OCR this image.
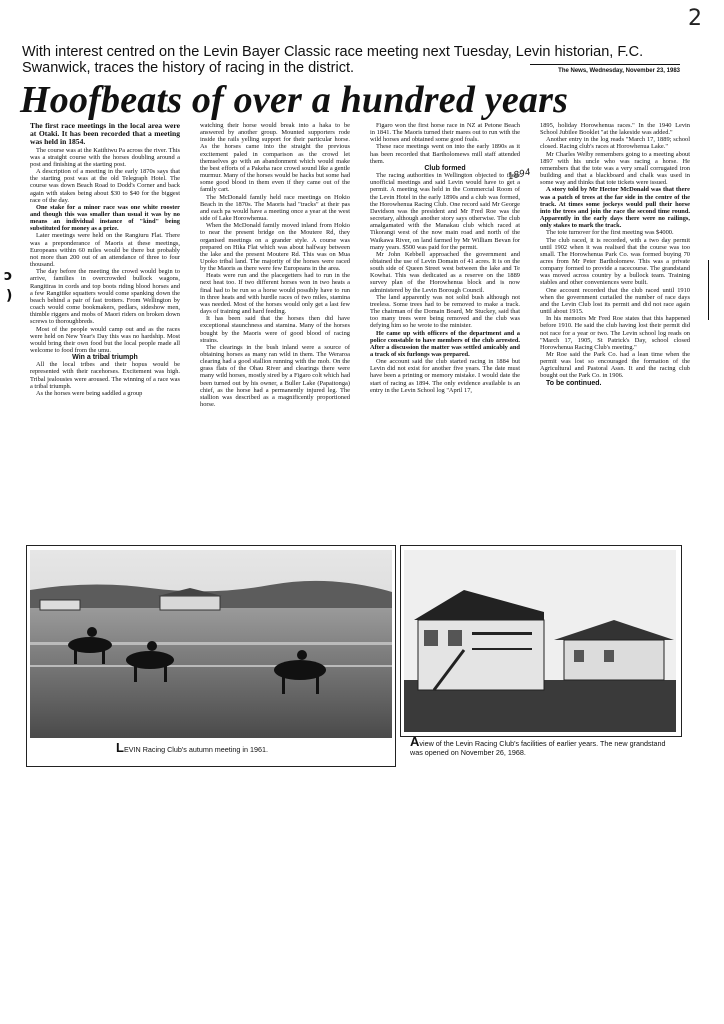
2
With interest centred on the Levin Bayer Classic race meeting next Tuesday, Levin historian, F.C. Swanwick, traces the history of racing in the district.	The News, Wednesday, November 23, 1983
Hoofbeats of over a hundred years
ɔ
)

The first race meetings in the local area were at Otaki. It has been recorded that a meeting was held in 1854.

The course was at the Katihiwu Pa across the river. This was a straight course with the horses doubling around a post and finishing at the starting post.

A description of a meeting in the early 1870s says that the starting post was at the old Telegraph Hotel. The course was down Beach Road to Dodd's Corner and back again with stakes being about $30 to $40 for the biggest race of the day.

One stake for a minor race was one white rooster and though this was smaller than usual it was by no means an individual instance of "kind" being substituted for money as a prize.

Later meetings were held on the Rangiuru Flat. There was a preponderance of Maoris at these meetings, Europeans within 60 miles would be there but probably not more than 200 out of an attendance of three to four thousand.

The day before the meeting the crowd would begin to arrive, families in overcrowded bullock wagons, Rangitiras in cords and top boots riding blood horses and a few Rangitike squatters would come spanking down the beach behind a pair of fast trotters. From Wellington by coach would come bookmakers, pedlars, sideshow men, thimble riggers and mobs of Maori riders on broken down screws to thoroughbreds.

Most of the people would camp out and as the races were held on New Year's Day this was no hardship. Most would bring their own food but the local people made all welcome to food from the umu.

Win a tribal triumph

All the local tribes and their hopus would be represented with their racehorses. Excitement was high. Tribal jealousies were aroused. The winning of a race was a tribal triumph.

As the horses were being saddled a group

watching their horse would break into a haka to be answered by another group. Mounted supporters rode inside the rails yelling support for their particular horse. As the horses came into the straight the previous excitement paled in comparison as the crowd let themselves go with an abandonment which would make the best efforts of a Pakeha race crowd sound like a gentle murmur. Many of the horses would be hacks but some had some good blood in them even if they came out of the family cart.

The McDonald family held race meetings on Hokio Beach in the 1870s. The Maoris had "tracks" at their pas and each pa would have a meeting once a year at the west side of Lake Horowhenua.

When the McDonald family moved inland from Hokio to near the present bridge on the Moutere Rd, they organised meetings on a grander style. A course was prepared on Hika Flat which was about halfway between the lake and the present Moutere Rd. This was on Mua Upoko tribal land. The majority of the horses were raced by the Maoris as there were few Europeans in the area.

Heats were run and the placegetters had to run in the next heat too. If two different horses won in two heats a final had to be run so a horse would possibly have to run in three heats and with hurdle races of two miles, stamina was needed. Most of the horses would only get a last few days of training and hard feeding.

It has been said that the horses then did have exceptional staunchness and stamina. Many of the horses bought by the Maoris were of good blood of racing strains.

The clearings in the bush inland were a source of obtaining horses as many ran wild in them. The Weraroa clearing had a good stallion running with the mob. On the grass flats of the Ohau River and clearings there were many wild horses, mostly sired by a Figaro colt which had been turned out by his owner, a Buller Lake (Papaitonga) chief, as the horse had a permanently injured leg. The stallion was described as a magnificently proportioned horse.

Figaro won the first horse race in NZ at Petone Beach in 1841. The Maoris turned their mares out to run with the wild horses and obtained some good foals.

These race meetings went on into the early 1890s as it has been recorded that Bartholomews mill staff attended them.

Club formed

The racing authorities in Wellington objected to these unofficial meetings and said Levin would have to get a permit. A meeting was held in the Commercial Room of the Levin Hotel in the early 1890s and a club was formed, the Horowhenua Racing Club. One record said Mr George Davidson was the president and Mr Fred Roe was the secretary, although another story says otherwise. The club amalgamated with the Manakau club which raced at Tikorangi west of the now main road and north of the Waikawa River, on land farmed by Mr William Bevan for many years. $500 was paid for the permit.

Mr John Kebbell approached the government and obtained the use of Levin Domain of 41 acres. It is on the south side of Queen Street west between the lake and Te Kowhai. This was dedicated as a reserve on the 1889 survey plan of the Horowhenua block and is now administered by the Levin Borough Council.

The land apparently was not solid bush although not treeless. Some trees had to be removed to make a track. The chairman of the Domain Board, Mr Stuckey, said that too many trees were being removed and the club was defying him so he wrote to the minister.

He came up with officers of the department and a police constable to have members of the club arrested. After a discussion the matter was settled amicably and a track of six furlongs was prepared.

One account said the club started racing in 1884 but Levin did not exist for another five years. The date must have been a printing or memory mistake. I would date the start of racing as 1894. The only evidence available is an entry in the Levin School log "April 17,

1895, holiday Horowhenua races." In the 1940 Levin School Jubilee Booklet "at the lakeside was added."

Another entry in the log reads "March 17, 1889; school closed. Racing club's races at Horowhenua Lake."

Mr Charles Welby remembers going to a meeting about 1897 with his uncle who was racing a horse. He remembers that the tote was a very small corrugated iron building and that a blackboard and chalk was used in some way and thinks that tote tickets were issued.

A story told by Mr Hector McDonald was that there was a patch of trees at the far side in the centre of the track. At times some jockeys would pull their horse into the trees and join the race the second time round. Apparently in the early days there were no railings, only stakes to mark the track.

The tote turnover for the first meeting was $4000.

The club raced, it is recorded, with a two day permit until 1902 when it was realised that the course was too small. The Horowhenua Park Co. was formed buying 70 acres from Mr Peter Bartholomew. This was a private company formed to provide a racecourse. The grandstand was moved across country by a bullock team. Training stables and other conveniences were built.

One account recorded that the club raced until 1910 when the government curtailed the number of race days and the Levin Club lost its permit and did not race again until about 1915.

In his memoirs Mr Fred Roe states that this happened before 1910. He said the club having lost their permit did not race for a year or two. The Levin school log reads on "March 17, 1905, St Patrick's Day, school closed Horowhenua Racing Club's meeting."

Mr Roe said the Park Co. had a lean time when the permit was lost so encouraged the formation of the Agricultural and Pastoral Assn. It and the racing club bought out the Park Co. in 1906.

To be continued.

1894
LEVIN Racing Club's autumn meeting in 1961.
Aview of the Levin Racing Club's facilities of earlier years. The new grandstand was opened on November 26, 1968.
